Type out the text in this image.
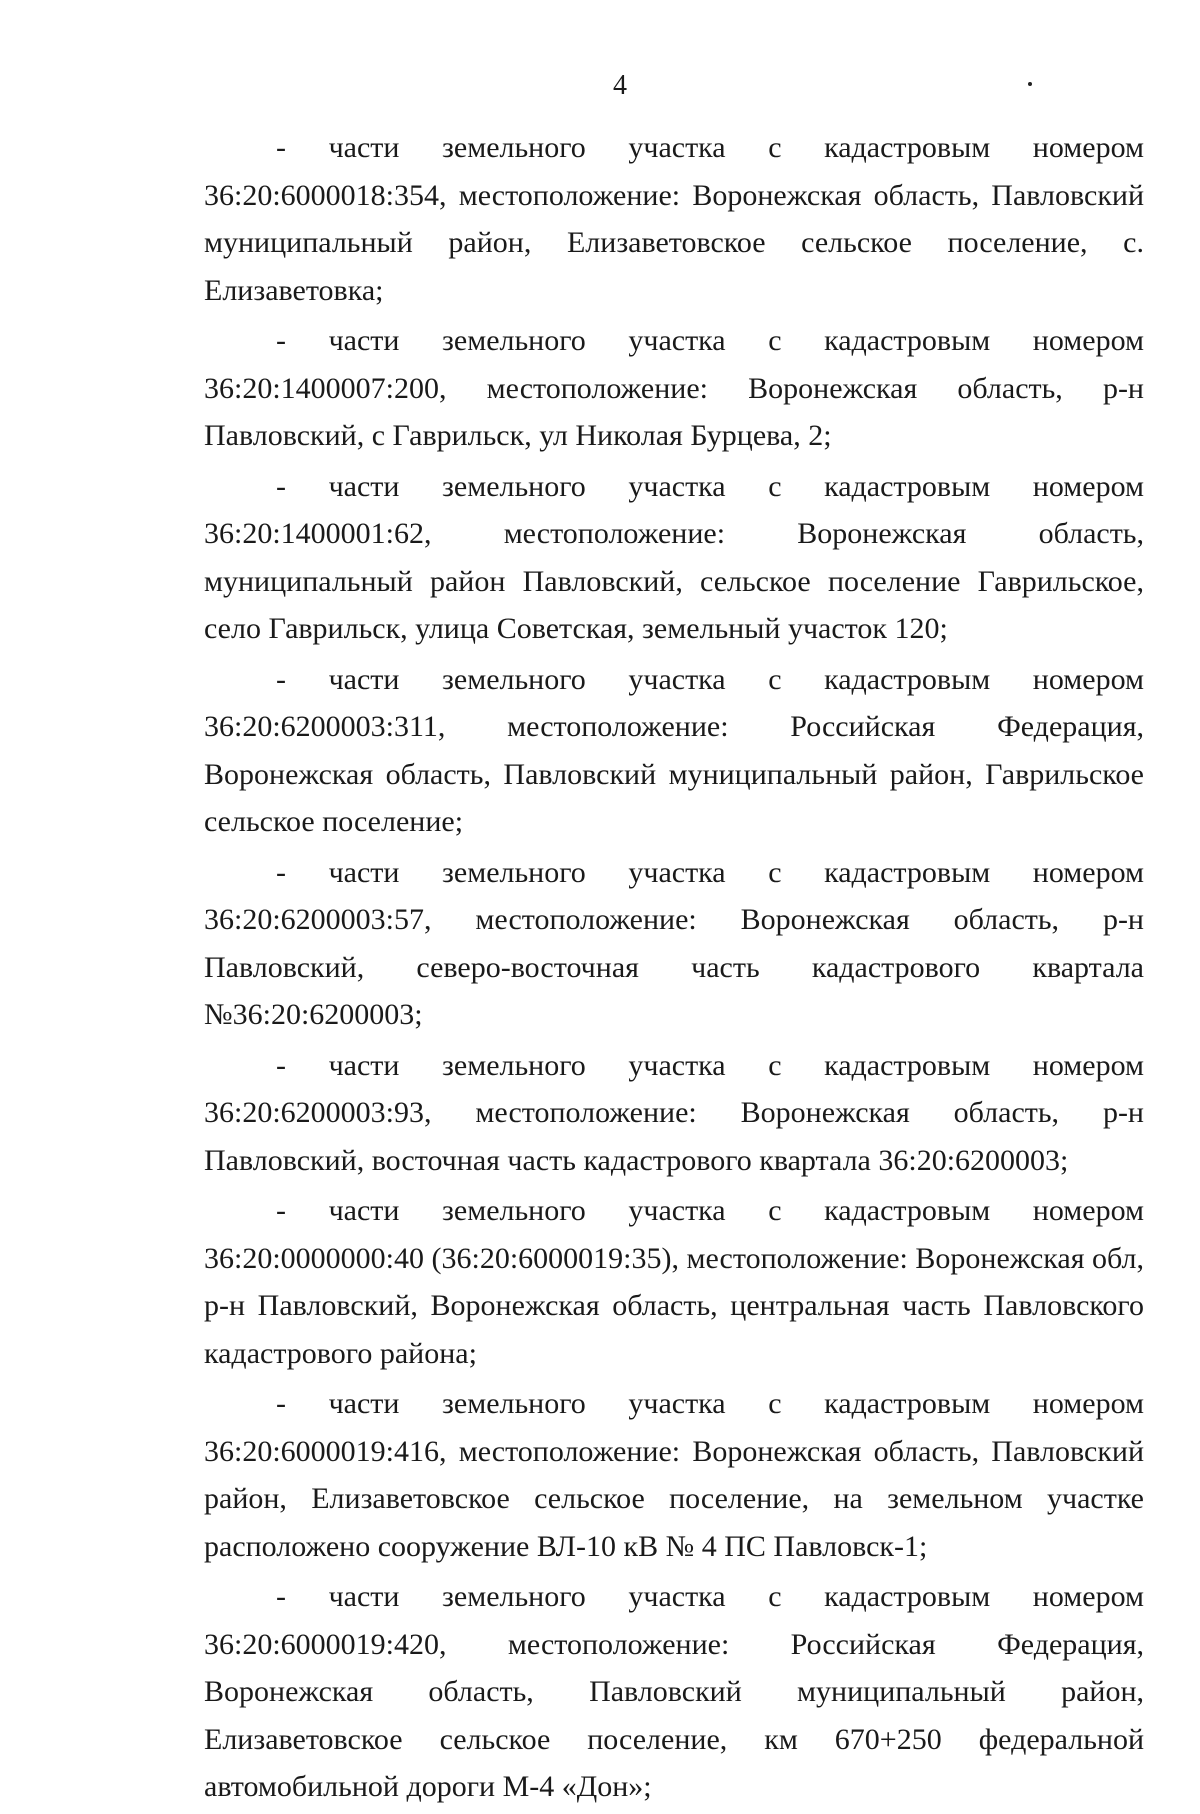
4

- части земельного участка с кадастровым номером 36:20:6000018:354, местоположение: Воронежская область, Павловский муниципальный район, Елизаветовское сельское поселение, с. Елизаветовка;

- части земельного участка с кадастровым номером 36:20:1400007:200, местоположение: Воронежская область, р-н Павловский, с Гаврильск, ул Николая Бурцева, 2;

- части земельного участка с кадастровым номером 36:20:1400001:62, местоположение: Воронежская область, муниципальный район Павловский, сельское поселение Гаврильское, село Гаврильск, улица Советская, земельный участок 120;

- части земельного участка с кадастровым номером 36:20:6200003:311, местоположение: Российская Федерация, Воронежская область, Павловский муниципальный район, Гаврильское сельское поселение;

- части земельного участка с кадастровым номером 36:20:6200003:57, местоположение: Воронежская область, р-н Павловский, северо-восточная часть кадастрового квартала №36:20:6200003;

- части земельного участка с кадастровым номером 36:20:6200003:93, местоположение: Воронежская область, р-н Павловский, восточная часть кадастрового квартала 36:20:6200003;

- части земельного участка с кадастровым номером 36:20:0000000:40 (36:20:6000019:35), местоположение: Воронежская обл, р-н Павловский, Воронежская область, центральная часть Павловского кадастрового района;

- части земельного участка с кадастровым номером 36:20:6000019:416, местоположение: Воронежская область, Павловский район, Елизаветовское сельское поселение, на земельном участке расположено сооружение ВЛ-10 кВ № 4 ПС Павловск-1;

- части земельного участка с кадастровым номером 36:20:6000019:420, местоположение: Российская Федерация, Воронежская область, Павловский муниципальный район, Елизаветовское сельское поселение, км 670+250 федеральной автомобильной дороги М-4 «Дон»;
